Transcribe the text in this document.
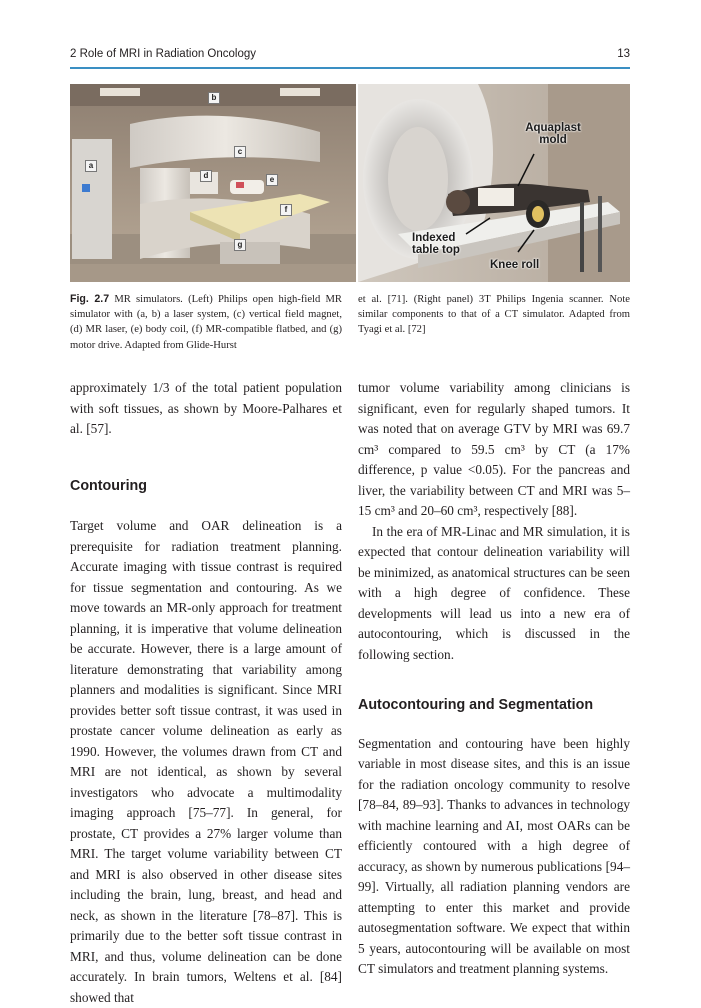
2 Role of MRI in Radiation Oncology	13
b
a
c
d	e
f
g
Aquaplast mold
Indexed table top
Knee roll
Fig. 2.7 MR simulators. (Left) Philips open high-field MR simulator with (a, b) a laser system, (c) vertical field magnet, (d) MR laser, (e) body coil, (f) MR-compatible flatbed, and (g) motor drive. Adapted from Glide-Hurst
et al. [71]. (Right panel) 3T Philips Ingenia scanner. Note similar components to that of a CT simulator. Adapted from Tyagi et al. [72]

approximately 1/3 of the total patient population with soft tissues, as shown by Moore-Palhares et al. [57].

Contouring

Target volume and OAR delineation is a prerequisite for radiation treatment planning. Accurate imaging with tissue contrast is required for tissue segmentation and contouring. As we move towards an MR-only approach for treatment planning, it is imperative that volume delineation be accurate. However, there is a large amount of literature demonstrating that variability among planners and modalities is significant. Since MRI provides better soft tissue contrast, it was used in prostate cancer volume delineation as early as 1990. However, the volumes drawn from CT and MRI are not identical, as shown by several investigators who advocate a multimodality imaging approach [75–77]. In general, for prostate, CT provides a 27% larger volume than MRI. The target volume variability between CT and MRI is also observed in other disease sites including the brain, lung, breast, and head and neck, as shown in the literature [78–87]. This is primarily due to the better soft tissue contrast in MRI, and thus, volume delineation can be done accurately. In brain tumors, Weltens et al. [84] showed that

tumor volume variability among clinicians is significant, even for regularly shaped tumors. It was noted that on average GTV by MRI was 69.7 cm³ compared to 59.5 cm³ by CT (a 17% difference, p value <0.05). For the pancreas and liver, the variability between CT and MRI was 5–15 cm³ and 20–60 cm³, respectively [88].

In the era of MR-Linac and MR simulation, it is expected that contour delineation variability will be minimized, as anatomical structures can be seen with a high degree of confidence. These developments will lead us into a new era of autocontouring, which is discussed in the following section.

Autocontouring and Segmentation

Segmentation and contouring have been highly variable in most disease sites, and this is an issue for the radiation oncology community to resolve [78–84, 89–93]. Thanks to advances in technology with machine learning and AI, most OARs can be efficiently contoured with a high degree of accuracy, as shown by numerous publications [94–99]. Virtually, all radiation planning vendors are attempting to enter this market and provide autosegmentation software. We expect that within 5 years, autocontouring will be available on most CT simulators and treatment planning systems.
